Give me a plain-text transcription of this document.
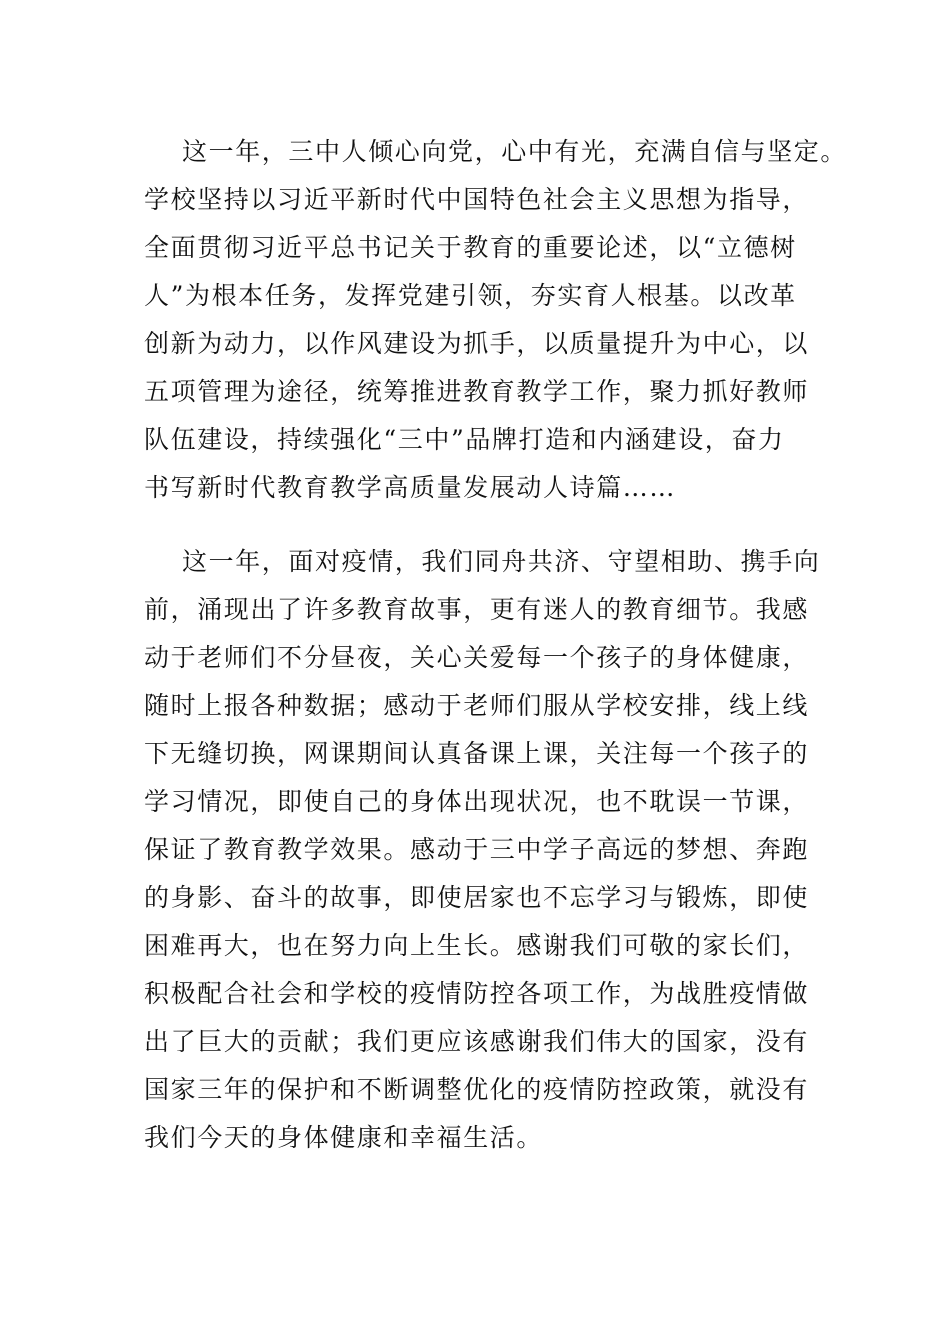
这一年，三中人倾心向党，心中有光，充满自信与坚定。
学校坚持以习近平新时代中国特色社会主义思想为指导，
全面贯彻习近平总书记关于教育的重要论述，以“立德树
人”为根本任务，发挥党建引领，夯实育人根基。以改革
创新为动力，以作风建设为抓手，以质量提升为中心，以
五项管理为途径，统筹推进教育教学工作，聚力抓好教师
队伍建设，持续强化“三中”品牌打造和内涵建设，奋力
书写新时代教育教学高质量发展动人诗篇……
这一年，面对疫情，我们同舟共济、守望相助、携手向
前，涌现出了许多教育故事，更有迷人的教育细节。我感
动于老师们不分昼夜，关心关爱每一个孩子的身体健康，
随时上报各种数据；感动于老师们服从学校安排，线上线
下无缝切换，网课期间认真备课上课，关注每一个孩子的
学习情况，即使自己的身体出现状况，也不耽误一节课，
保证了教育教学效果。感动于三中学子高远的梦想、奔跑
的身影、奋斗的故事，即使居家也不忘学习与锻炼，即使
困难再大，也在努力向上生长。感谢我们可敬的家长们，
积极配合社会和学校的疫情防控各项工作，为战胜疫情做
出了巨大的贡献；我们更应该感谢我们伟大的国家，没有
国家三年的保护和不断调整优化的疫情防控政策，就没有
我们今天的身体健康和幸福生活。
